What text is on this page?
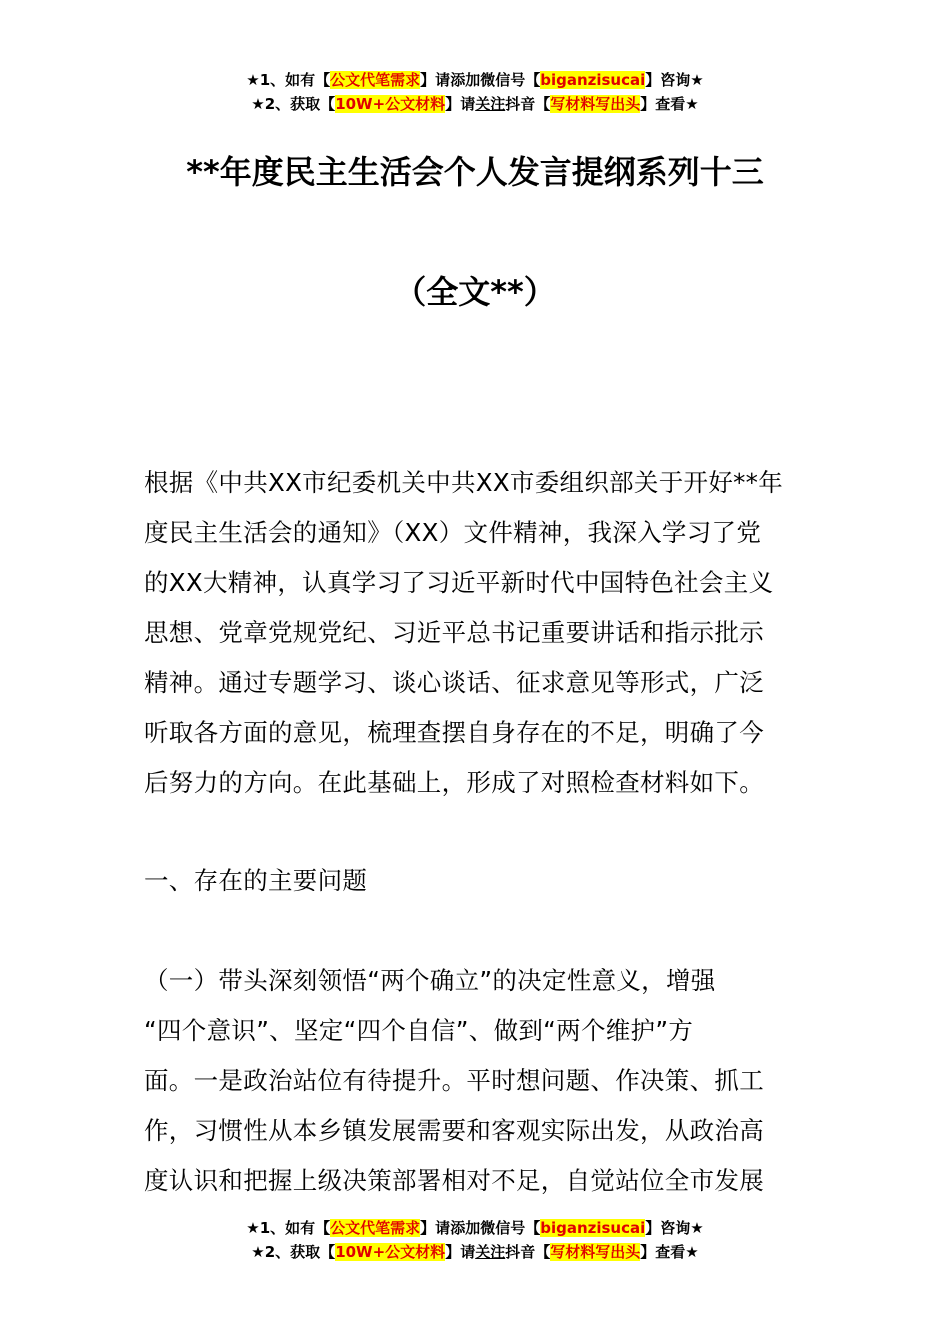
★1、如有【公文代笔需求】请添加微信号【biganzisucai】咨询★
★2、获取【10W+公文材料】请关注抖音【写材料写出头】查看★
**年度民主生活会个人发言提纲系列十三
（全文**）
根据《中共XX市纪委机关中共XX市委组织部关于开好**年
度民主生活会的通知》（XX）文件精神，我深入学习了党
的XX大精神，认真学习了习近平新时代中国特色社会主义
思想、党章党规党纪、习近平总书记重要讲话和指示批示
精神。通过专题学习、谈心谈话、征求意见等形式，广泛
听取各方面的意见，梳理查摆自身存在的不足，明确了今
后努力的方向。在此基础上，形成了对照检查材料如下。
一、存在的主要问题
（一）带头深刻领悟“两个确立”的决定性意义，增强
“四个意识”、坚定“四个自信”、做到“两个维护”方
面。一是政治站位有待提升。平时想问题、作决策、抓工
作，习惯性从本乡镇发展需要和客观实际出发，从政治高
度认识和把握上级决策部署相对不足，自觉站位全市发展
★1、如有【公文代笔需求】请添加微信号【biganzisucai】咨询★
★2、获取【10W+公文材料】请关注抖音【写材料写出头】查看★
